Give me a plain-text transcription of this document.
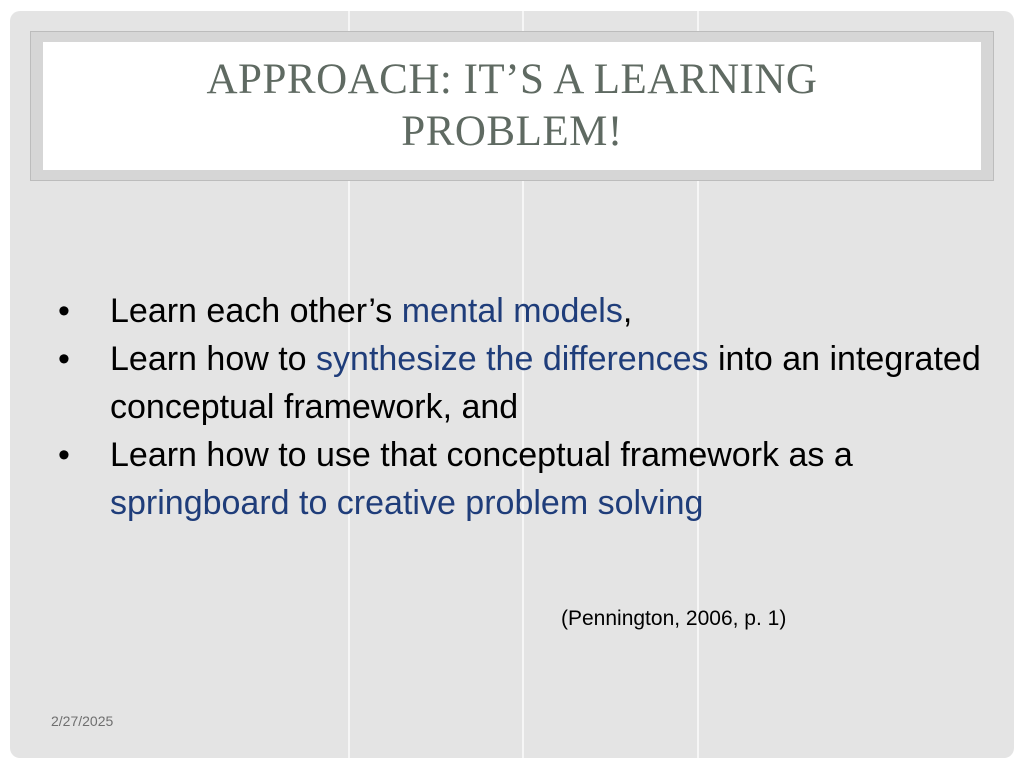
APPROACH: IT’S A LEARNING
PROBLEM!
•	Learn each other’s mental models,
•	Learn how to synthesize the differences into an integrated conceptual framework, and
•	Learn how to use that conceptual framework as a springboard to creative problem solving
(Pennington, 2006, p. 1)
2/27/2025
